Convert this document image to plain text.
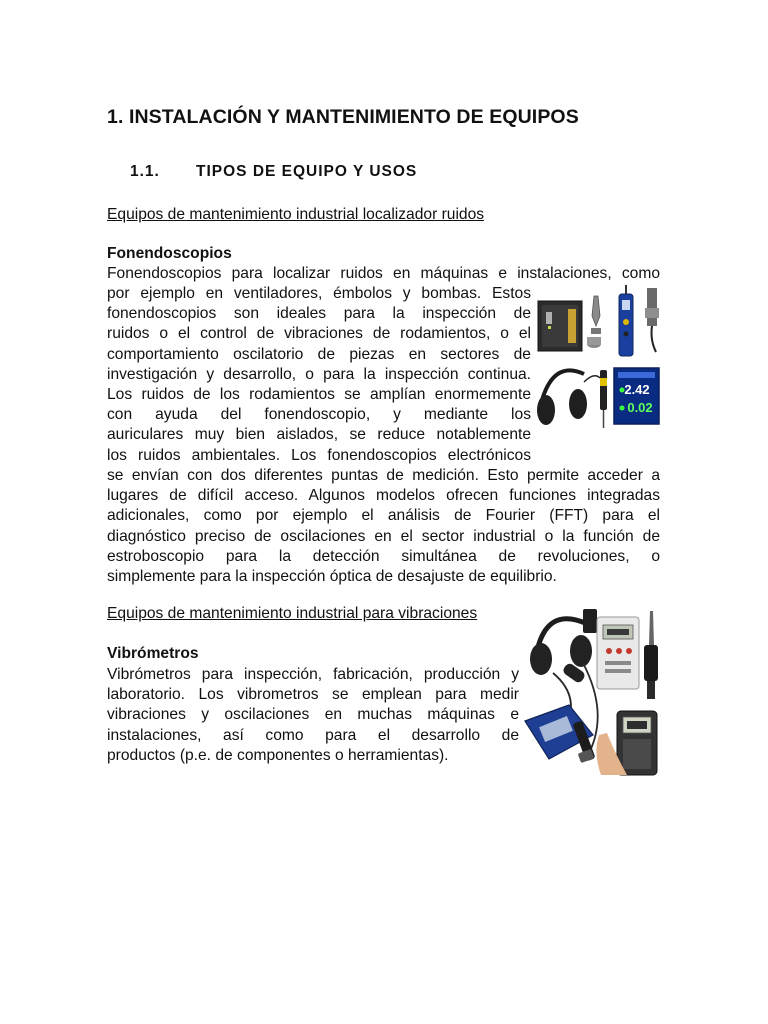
1. INSTALACIÓN Y MANTENIMIENTO DE EQUIPOS
1.1. TIPOS DE EQUIPO Y USOS
Equipos de mantenimiento industrial localizador ruidos
Fonendoscopios
Fonendoscopios para localizar ruidos en máquinas e instalaciones, como
por ejemplo en ventiladores, émbolos y bombas. Estos
fonendoscopios son ideales para la inspección de
ruidos o el control de vibraciones de rodamientos, o el
comportamiento oscilatorio de piezas en sectores de
investigación y desarrollo, o para la inspección continua.
Los ruidos de los rodamientos se amplían enormemente
con ayuda del fonendoscopio, y mediante los
auriculares muy bien aislados, se reduce notablemente
los ruidos ambientales. Los fonendoscopios electrónicos
se envían con dos diferentes puntas de medición. Esto permite acceder a
lugares de difícil acceso. Algunos modelos ofrecen funciones integradas
adicionales, como por ejemplo el análisis de Fourier (FFT) para el
diagnóstico preciso de oscilaciones en el sector industrial o la función de
estroboscopio para la detección simultánea de revoluciones, o
simplemente para la inspección óptica de desajuste de equilibrio.
2.42
0.02
Equipos de mantenimiento industrial para vibraciones
Vibrómetros
Vibrómetros para inspección, fabricación, producción y
laboratorio. Los vibrometros se emplean para medir
vibraciones y oscilaciones en muchas máquinas e
instalaciones, así como para el desarrollo de
productos (p.e. de componentes o herramientas).
